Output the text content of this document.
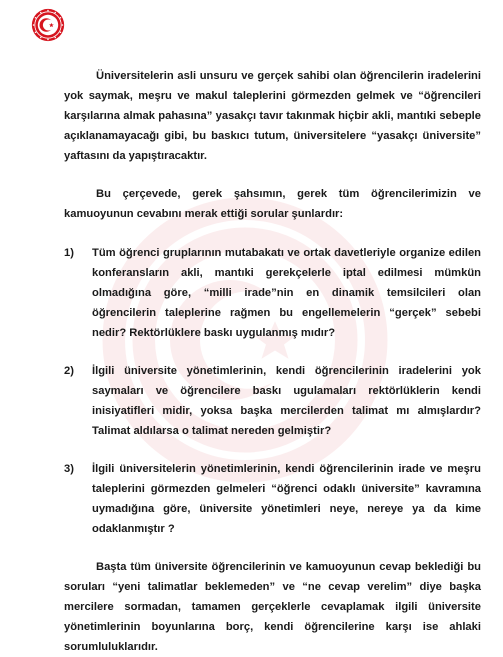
Üniversitelerin asli unsuru ve gerçek sahibi olan öğrencilerin iradelerini yok saymak, meşru ve makul taleplerini görmezden gelmek ve “öğrencileri karşılarına almak pahasına” yasakçı tavır takınmak hiçbir akli, mantıki sebeple açıklanamayacağı gibi, bu baskıcı tutum, üniversitelere “yasakçı üniversite” yaftasını da yapıştıracaktır.

Bu çerçevede, gerek şahsımın, gerek tüm öğrencilerimizin ve kamuoyunun cevabını merak ettiği sorular şunlardır:

1) Tüm öğrenci gruplarının mutabakatı ve ortak davetleriyle organize edilen konferansların akli, mantıki gerekçelerle iptal edilmesi mümkün olmadığına göre, “milli irade”nin en dinamik temsilcileri olan öğrencilerin taleplerine rağmen bu engellemelerin “gerçek” sebebi nedir? Rektörlüklere baskı uygulanmış mıdır?
2) İlgili üniversite yönetimlerinin, kendi öğrencilerinin iradelerini yok saymaları ve öğrencilere baskı ugulamaları rektörlüklerin kendi inisiyatifleri midir, yoksa başka mercilerden talimat mı almışlardır? Talimat aldılarsa o talimat nereden gelmiştir?
3) İlgili üniversitelerin yönetimlerinin, kendi öğrencilerinin irade ve meşru taleplerini görmezden gelmeleri “öğrenci odaklı üniversite” kavramına uymadığına göre, üniversite yönetimleri neye, nereye ya da kime odaklanmıştır ?

Başta tüm üniversite öğrencilerinin ve kamuoyunun cevap beklediği bu soruları “yeni talimatlar beklemeden” ve “ne cevap verelim” diye başka mercilere sormadan, tamamen gerçeklerle cevaplamak ilgili üniversite yönetimlerinin boyunlarına borç, kendi öğrencilerine karşı ise ahlaki sorumluluklarıdır.
